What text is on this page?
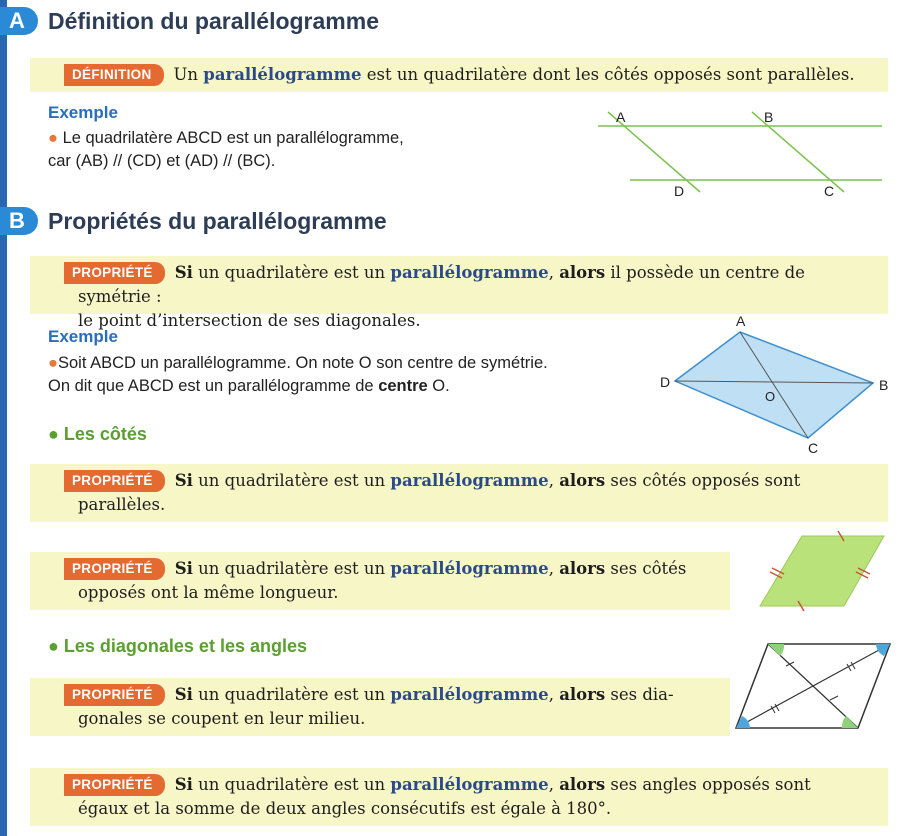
A	Définition du parallélogramme
DÉFINITION Un parallélogramme est un quadrilatère dont les côtés opposés sont parallèles.
Exemple
● Le quadrilatère ABCD est un parallélogramme,
car (AB) // (CD) et (AD) // (BC).
A	B
C
D
B	Propriétés du parallélogramme
PROPRIÉTÉ Si un quadrilatère est un parallélogramme, alors il possède un centre de symétrie :
le point d’intersection de ses diagonales.
Exemple
●Soit ABCD un parallélogramme. On note O son centre de symétrie.
On dit que ABCD est un parallélogramme de centre O.
A
B
C
D
O
● Les côtés
PROPRIÉTÉ Si un quadrilatère est un parallélogramme, alors ses côtés opposés sont
parallèles.
PROPRIÉTÉ Si un quadrilatère est un parallélogramme, alors ses côtés
opposés ont la même longueur.
● Les diagonales et les angles
PROPRIÉTÉ Si un quadrilatère est un parallélogramme, alors ses dia-
gonales se coupent en leur milieu.
PROPRIÉTÉ Si un quadrilatère est un parallélogramme, alors ses angles opposés sont
égaux et la somme de deux angles consécutifs est égale à 180°.
